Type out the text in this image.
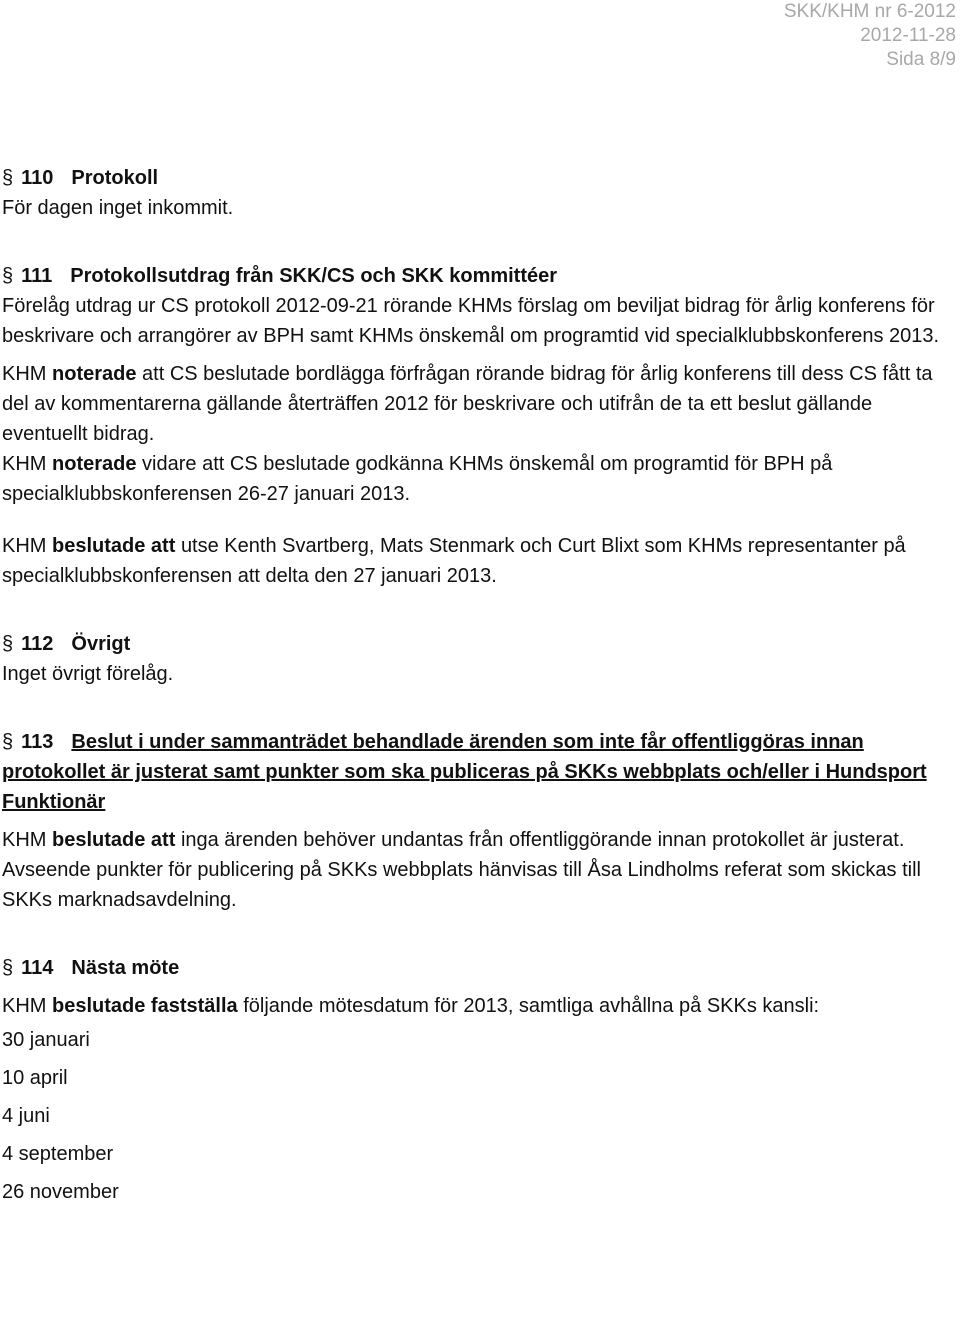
SKK/KHM nr 6-2012
2012-11-28
Sida 8/9
§ 110 Protokoll

För dagen inget inkommit.

§ 111 Protokollsutdrag från SKK/CS och SKK kommittéer

Förelåg utdrag ur CS protokoll 2012-09-21 rörande KHMs förslag om beviljat bidrag för årlig konferens för beskrivare och arrangörer av BPH samt KHMs önskemål om programtid vid specialklubbskonferens 2013.

KHM noterade att CS beslutade bordlägga förfrågan rörande bidrag för årlig konferens till dess CS fått ta del av kommentarerna gällande återträffen 2012 för beskrivare och utifrån de ta ett beslut gällande eventuellt bidrag.

KHM noterade vidare att CS beslutade godkänna KHMs önskemål om programtid för BPH på specialklubbskonferensen 26-27 januari 2013.

KHM beslutade att utse Kenth Svartberg, Mats Stenmark och Curt Blixt som KHMs representanter på specialklubbskonferensen att delta den 27 januari 2013.

§ 112 Övrigt

Inget övrigt förelåg.

§ 113 Beslut i under sammanträdet behandlade ärenden som inte får offentliggöras innan protokollet är justerat samt punkter som ska publiceras på SKKs webbplats och/eller i Hundsport Funktionär

KHM beslutade att inga ärenden behöver undantas från offentliggörande innan protokollet är justerat. Avseende punkter för publicering på SKKs webbplats hänvisas till Åsa Lindholms referat som skickas till SKKs marknadsavdelning.

§ 114 Nästa möte

KHM beslutade fastställa följande mötesdatum för 2013, samtliga avhållna på SKKs kansli:

30 januari
10 april
4 juni
4 september
26 november
